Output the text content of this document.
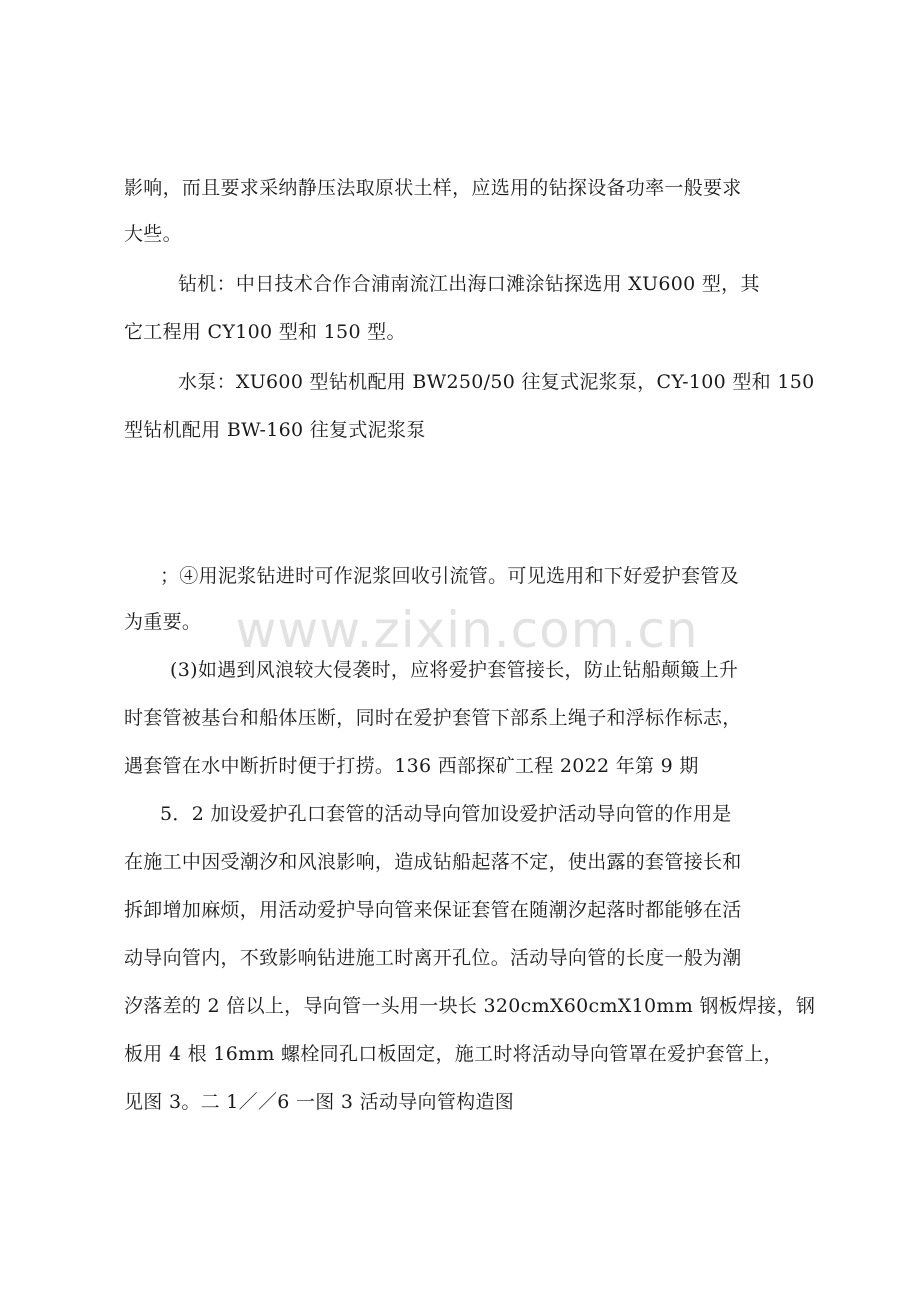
www.zixin.com.cn
影响，而且要求采纳静压法取原状土样，应选用的钻探设备功率一般要求
大些。
钻机：中日技术合作合浦南流江出海口滩涂钻探选用 XU600 型，其
它工程用 CY100 型和 150 型。
水泵：XU600 型钻机配用 BW250/50 往复式泥浆泵，CY-100 型和 150
型钻机配用 BW-160 往复式泥浆泵
；④用泥浆钻进时可作泥浆回收引流管。可见选用和下好爱护套管及
为重要。
(3)如遇到风浪较大侵袭时，应将爱护套管接长，防止钻船颠簸上升
时套管被基台和船体压断，同时在爱护套管下部系上绳子和浮标作标志，
遇套管在水中断折时便于打捞。136 西部探矿工程 2022 年第 9 期
5．2 加设爱护孔口套管的活动导向管加设爱护活动导向管的作用是
在施工中因受潮汐和风浪影响，造成钻船起落不定，使出露的套管接长和
拆卸增加麻烦，用活动爱护导向管来保证套管在随潮汐起落时都能够在活
动导向管内，不致影响钻进施工时离开孔位。活动导向管的长度一般为潮
汐落差的 2 倍以上，导向管一头用一块长 320cmX60cmX10mm 钢板焊接，钢
板用 4 根 16mm 螺栓同孔口板固定，施工时将活动导向管罩在爱护套管上，
见图 3。二 1／／6 一图 3 活动导向管构造图
